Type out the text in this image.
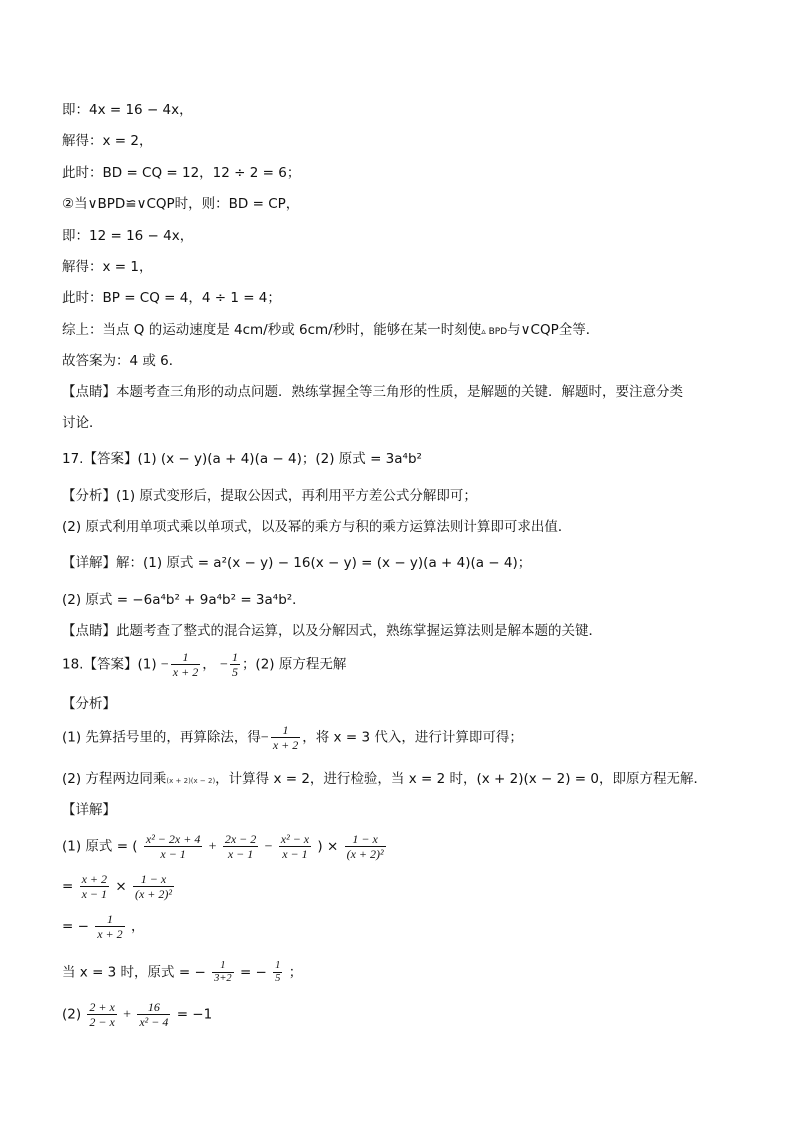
即：4x = 16 − 4x，
解得：x = 2，
此时：BD = CQ = 12，12 ÷ 2 = 6；
②当∨BPD≌∨CQP时，则：BD = CP，
即：12 = 16 − 4x，
解得：x = 1，
此时：BP = CQ = 4，4 ÷ 1 = 4；
综上：当点 Q 的运动速度是 4cm/秒或 6cm/秒时，能够在某一时刻使▵ BPD与∨CQP全等．
故答案为：4 或 6．
【点睛】本题考查三角形的动点问题．熟练掌握全等三角形的性质，是解题的关键．解题时，要注意分类
讨论．
17.【答案】(1) (x − y)(a + 4)(a − 4)；(2) 原式 = 3a⁴b²
【分析】(1) 原式变形后，提取公因式，再利用平方差公式分解即可；
(2) 原式利用单项式乘以单项式，以及幂的乘方与积的乘方运算法则计算即可求出值．
【详解】解：(1) 原式 = a²(x − y) − 16(x − y) = (x − y)(a + 4)(a − 4)；
(2) 原式 = −6a⁴b² + 9a⁴b² = 3a⁴b²．
【点睛】此题考查了整式的混合运算，以及分解因式，熟练掌握运算法则是解本题的关键．
18.【答案】$(1) - \frac{1}{x + 2}$ ， − $\frac{1}{5}$ ；(2) 原方程无解
【分析】
(1) 先算括号里的，再算除法，得− $\frac{1}{x + 2}$ ，将 x = 3 代入，进行计算即可得；
(2) 方程两边同乘(x + 2)(x − 2)，计算得 x = 2，进行检验，当 x = 2 时，(x + 2)(x − 2) = 0，即原方程无解．
【详解】
(1) 原式 = ( $\frac{\text{x² − 2x + 4}}{x - 1} + \frac{2x - 2}{x - 1} - \frac{\text{x² − x}}{x - 1}$ ) × $\frac{1 - x}{\text{(x + 2)²}}$
= $\frac{x + 2}{x - 1} \times \frac{1 - x}{\text{(x + 2)²}}$
= − $\frac{1}{x + 2}$ ，
当 x = 3 时，原式 = − $\frac{1}{3+2}$ = − $\frac{1}{5}$ ；
$(2) \frac{2 + x}{2 - x} + \frac{16}{\text{x² − 4}} = -1$
